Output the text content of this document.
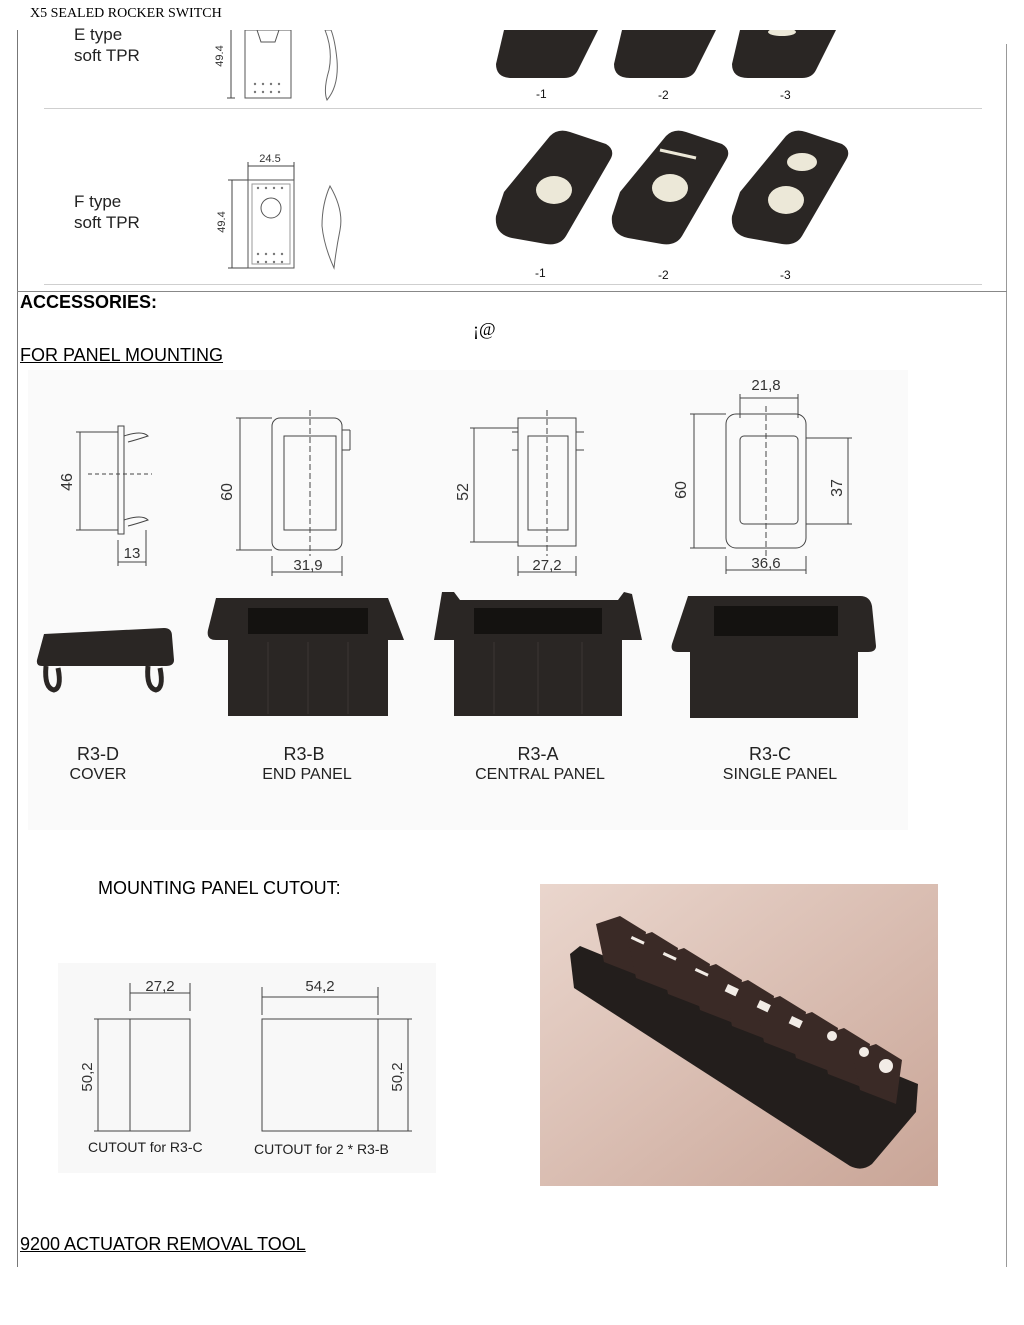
X5 SEALED ROCKER SWITCH
E type
soft TPR	49.4
-1	-2	-3
F type
soft TPR
24.5
49.4
-1	-2	-3
ACCESSORIES:
¡@
FOR PANEL MOUNTING
46
13
60
31,9
52
27,2
21,8
60	37
36,6
R3-D
COVER
R3-B
END PANEL
R3-A
CENTRAL PANEL
R3-C
SINGLE PANEL
MOUNTING PANEL CUTOUT:
27,2
50,2
54,2
50,2
CUTOUT for R3-C	CUTOUT for 2 * R3-B
9200 ACTUATOR REMOVAL TOOL
